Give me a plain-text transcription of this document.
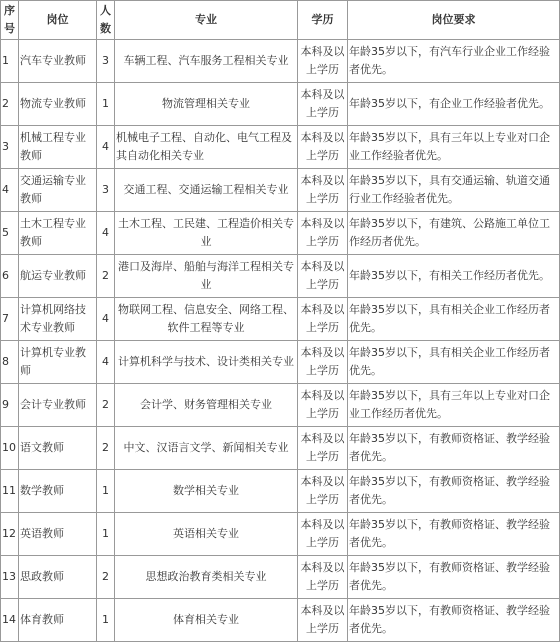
序号	岗位	人数	专业	学历	岗位要求
1	汽车专业教师	3	车辆工程、汽车服务工程相关专业	本科及以上学历	年龄35岁以下，有汽车行业企业工作经验者优先。
2	物流专业教师	1	物流管理相关专业	本科及以上学历	年龄35岁以下，有企业工作经验者优先。
3	机械工程专业教师	4	机械电子工程、自动化、电气工程及其自动化相关专业	本科及以上学历	年龄35岁以下，具有三年以上专业对口企业工作经验者优先。
4	交通运输专业教师	3	交通工程、交通运输工程相关专业	本科及以上学历	年龄35岁以下，具有交通运输、轨道交通行业工作经验者优先。
5	土木工程专业教师	4	土木工程、工民建、工程造价相关专业	本科及以上学历	年龄35岁以下，有建筑、公路施工单位工作经历者优先。
6	航运专业教师	2	港口及海岸、船舶与海洋工程相关专业	本科及以上学历	年龄35岁以下，有相关工作经历者优先。
7	计算机网络技术专业教师	4	物联网工程、信息安全、网络工程、软件工程等专业	本科及以上学历	年龄35岁以下，具有相关企业工作经历者优先。
8	计算机专业教师	4	计算机科学与技术、设计类相关专业	本科及以上学历	年龄35岁以下，具有相关企业工作经历者优先。
9	会计专业教师	2	会计学、财务管理相关专业	本科及以上学历	年龄35岁以下，具有三年以上专业对口企业工作经历者优先。
10	语文教师	2	中文、汉语言文学、新闻相关专业	本科及以上学历	年龄35岁以下，有教师资格证、教学经验者优先。
11	数学教师	1	数学相关专业	本科及以上学历	年龄35岁以下，有教师资格证、教学经验者优先。
12	英语教师	1	英语相关专业	本科及以上学历	年龄35岁以下，有教师资格证、教学经验者优先。
13	思政教师	2	思想政治教育类相关专业	本科及以上学历	年龄35岁以下，有教师资格证、教学经验者优先。
14	体育教师	1	体育相关专业	本科及以上学历	年龄35岁以下，有教师资格证、教学经验者优先。
